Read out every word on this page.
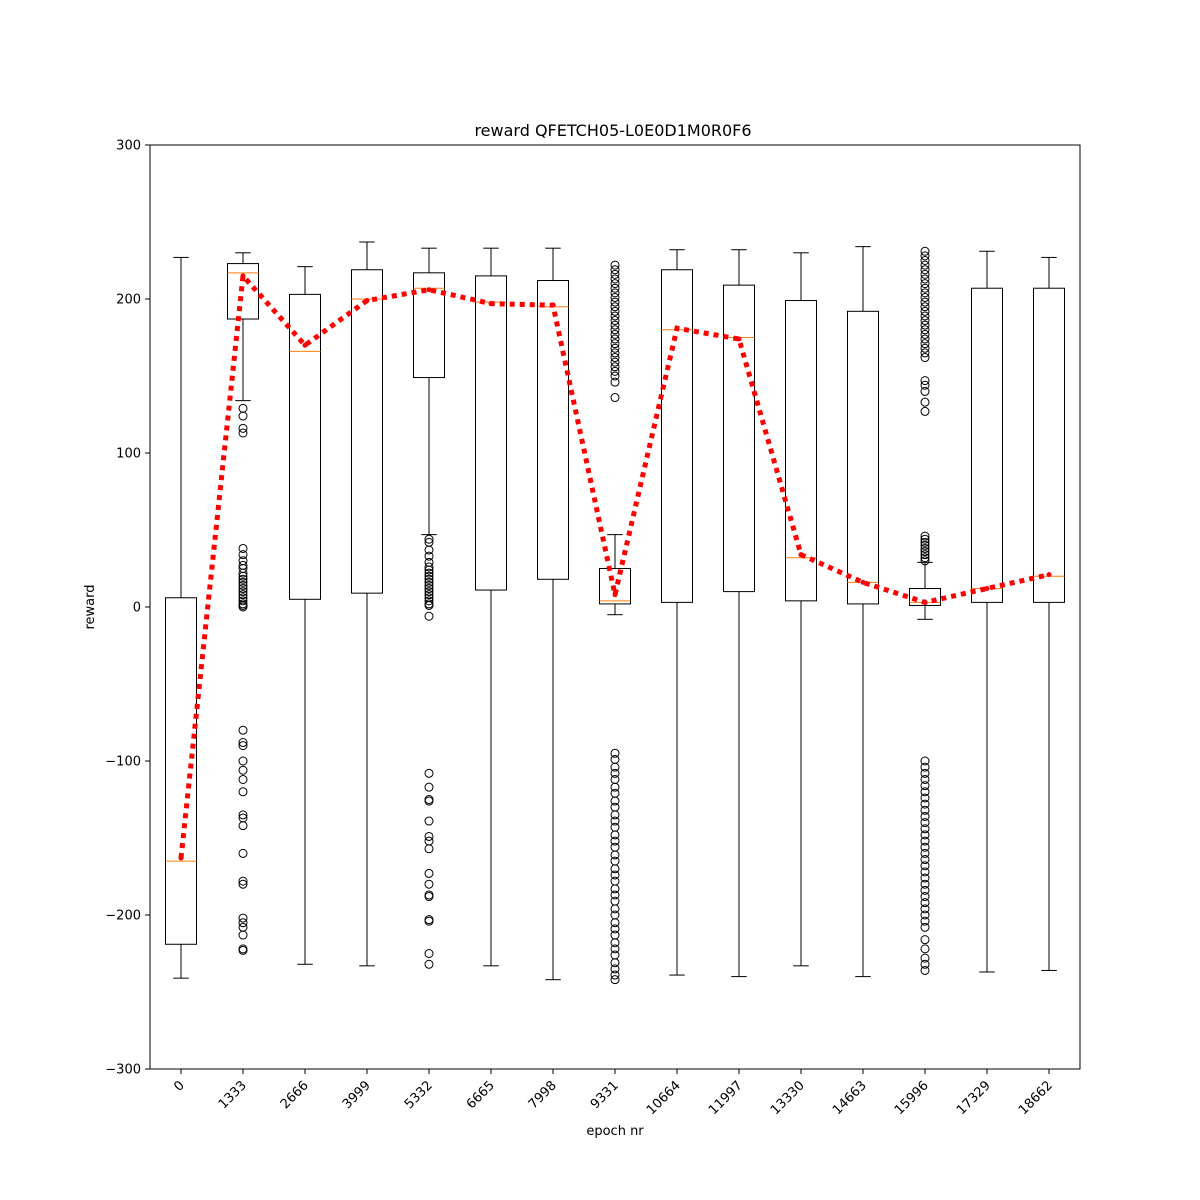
reward QFETCH05-L0E0D1M0R0F6
−300
−200
−100
0
100
200
300
0 1333 2666 3999 5332 6665 7998 9331 10664 11997 13330 14663 15996 17329 18662
epoch nr
reward
